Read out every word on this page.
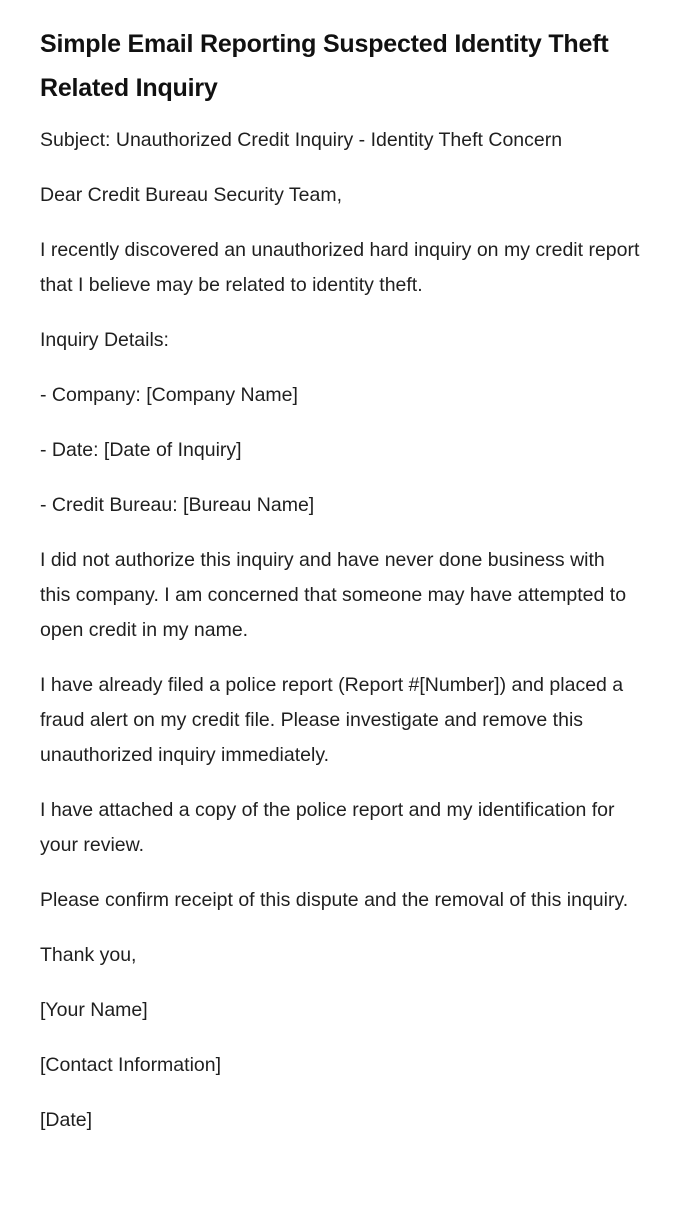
Simple Email Reporting Suspected Identity Theft Related Inquiry

Subject: Unauthorized Credit Inquiry - Identity Theft Concern

Dear Credit Bureau Security Team,

I recently discovered an unauthorized hard inquiry on my credit report that I believe may be related to identity theft.

Inquiry Details:

- Company: [Company Name]

- Date: [Date of Inquiry]

- Credit Bureau: [Bureau Name]

I did not authorize this inquiry and have never done business with this company. I am concerned that someone may have attempted to open credit in my name.

I have already filed a police report (Report #[Number]) and placed a fraud alert on my credit file. Please investigate and remove this unauthorized inquiry immediately.

I have attached a copy of the police report and my identification for your review.

Please confirm receipt of this dispute and the removal of this inquiry.

Thank you,

[Your Name]

[Contact Information]

[Date]
